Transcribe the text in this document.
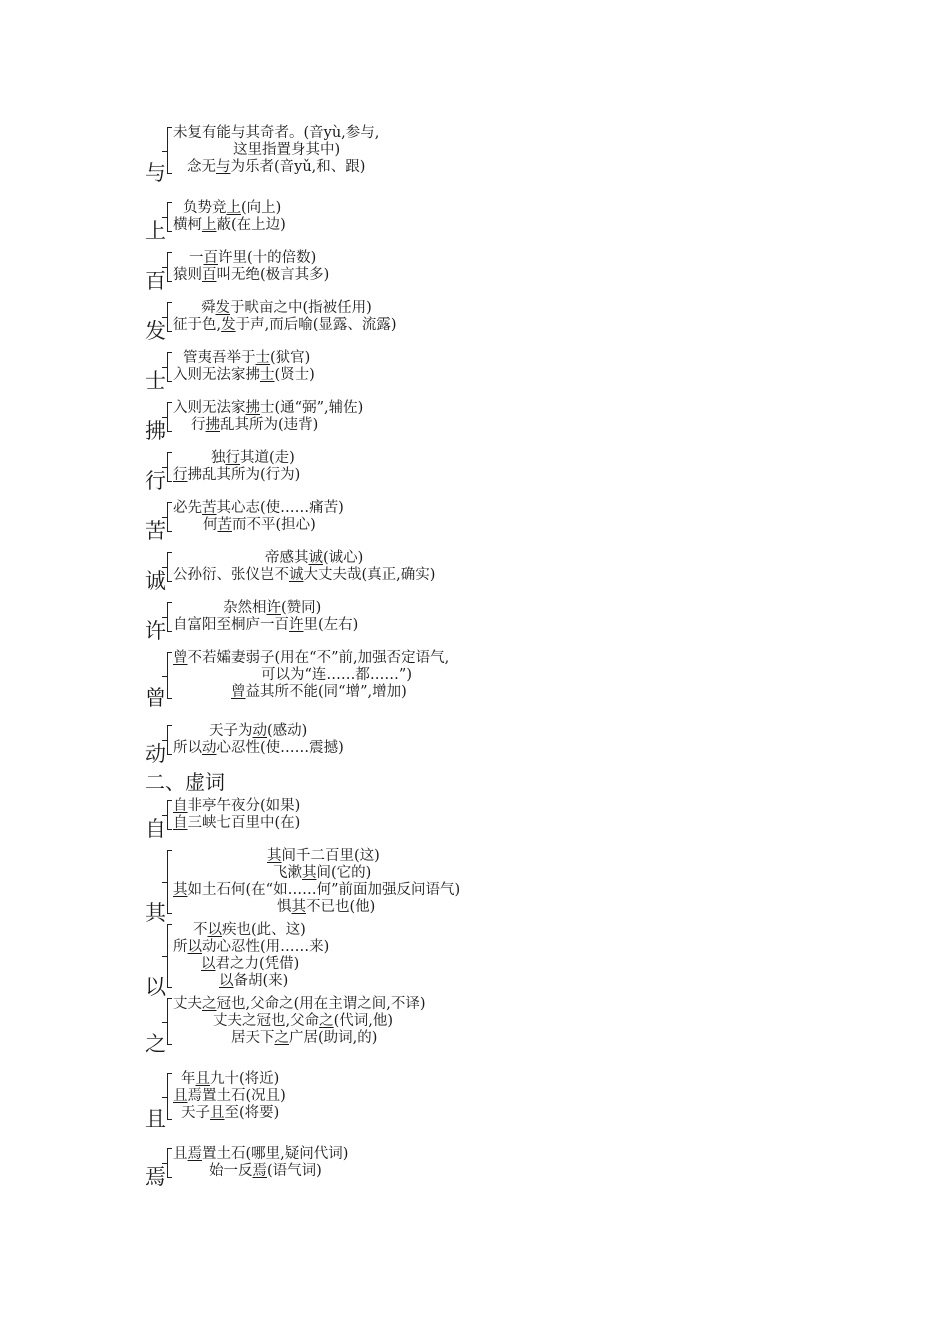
二、虚词
与
未复有能与其奇者。(音yù,参与,
这里指置身其中)
念无与为乐者(音yǔ,和、跟)
上
负势竞上(向上)
横柯上蔽(在上边)
百
一百许里(十的倍数)
猿则百叫无绝(极言其多)
发
舜发于畎亩之中(指被任用)
征于色,发于声,而后喻(显露、流露)
士
管夷吾举于士(狱官)
入则无法家拂士(贤士)
拂
入则无法家拂士(通“弼”,辅佐)
行拂乱其所为(违背)
行
独行其道(走)
行拂乱其所为(行为)
苦
必先苦其心志(使……痛苦)
何苦而不平(担心)
诚
帝感其诚(诚心)
公孙衍、张仪岂不诚大丈夫哉(真正,确实)
许
杂然相许(赞同)
自富阳至桐庐一百许里(左右)
曾
曾不若孀妻弱子(用在“不”前,加强否定语气,
可以为“连……都……”)
曾益其所不能(同“增”,增加)
动
天子为动(感动)
所以动心忍性(使……震撼)
自
自非亭午夜分(如果)
自三峡七百里中(在)
其
其间千二百里(这)
飞漱其间(它的)
其如土石何(在“如……何”前面加强反问语气)
惧其不已也(他)
以
不以疾也(此、这)
所以动心忍性(用……来)
以君之力(凭借)
以备胡(来)
之
丈夫之冠也,父命之(用在主谓之间,不译)
丈夫之冠也,父命之(代词,他)
居天下之广居(助词,的)
且
年且九十(将近)
且焉置土石(况且)
天子且至(将要)
焉
且焉置土石(哪里,疑问代词)
始一反焉(语气词)
